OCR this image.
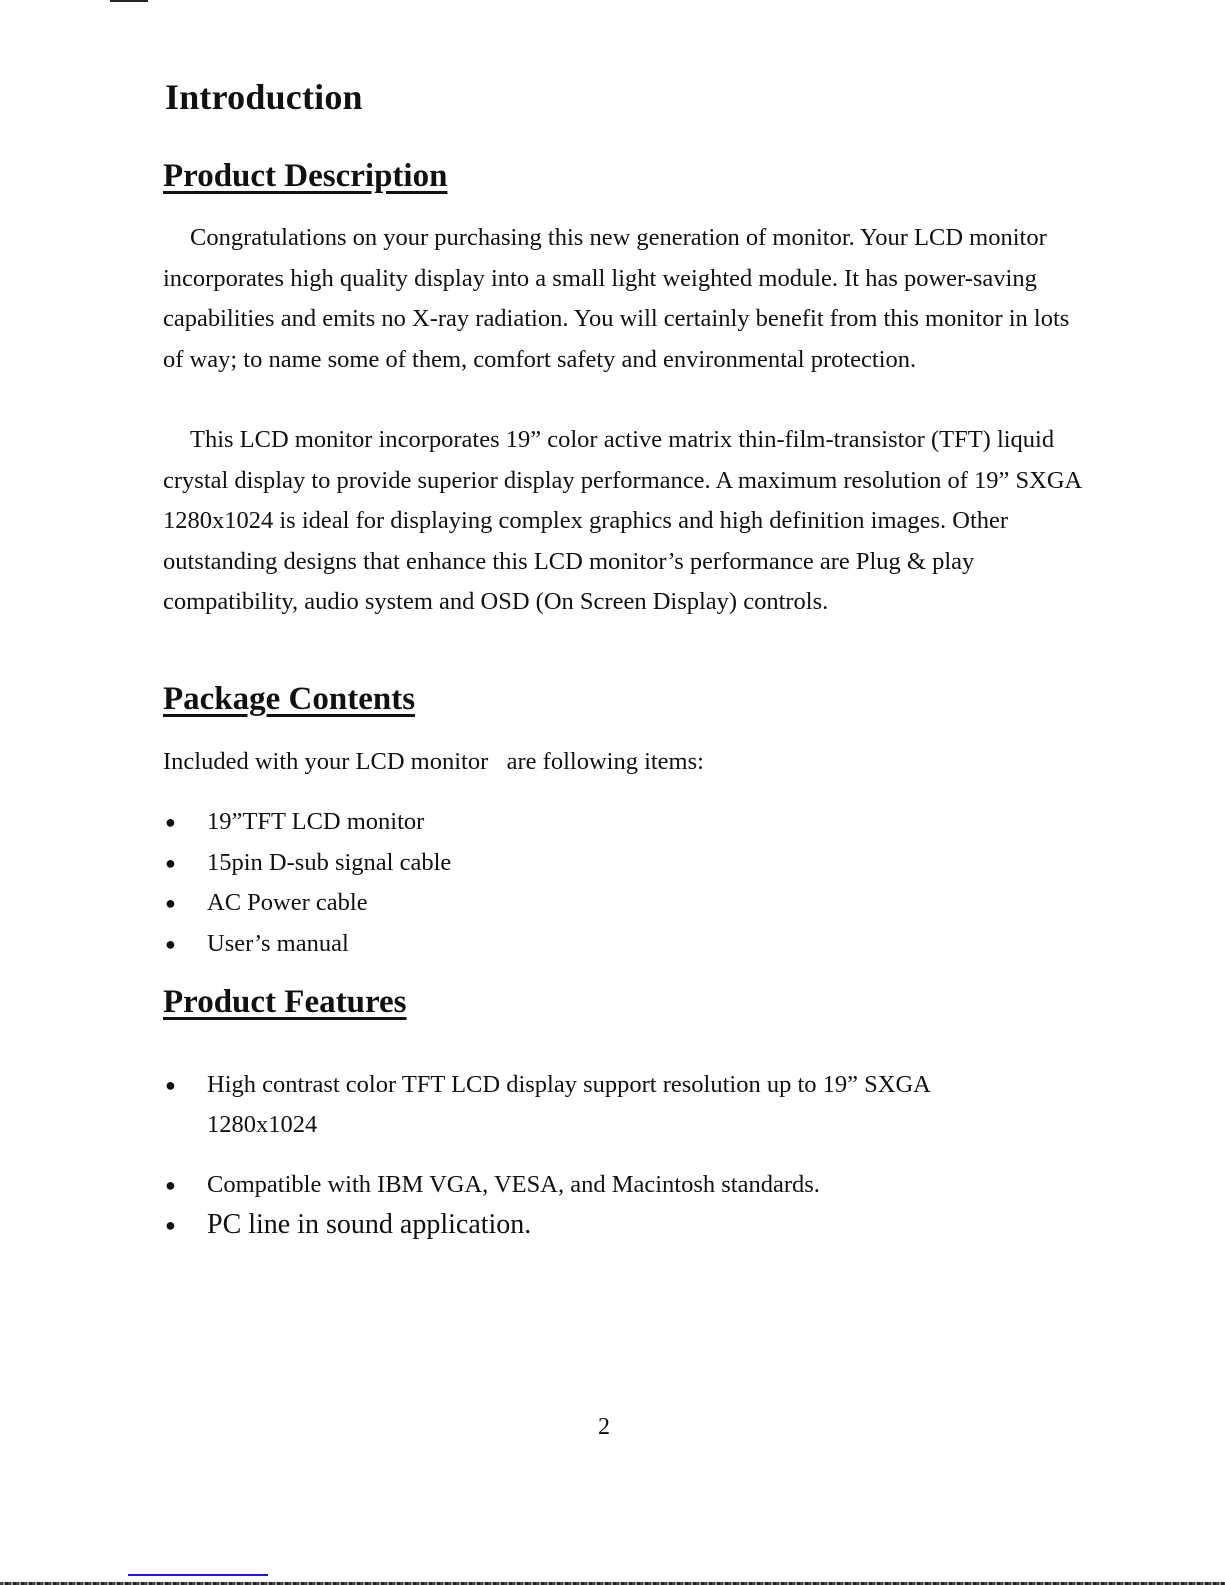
Introduction
Product Description

Congratulations on your purchasing this new generation of monitor. Your LCD monitor incorporates high quality display into a small light weighted module. It has power-saving capabilities and emits no X-ray radiation. You will certainly benefit from this monitor in lots of way; to name some of them, comfort safety and environmental protection.

This LCD monitor incorporates 19” color active matrix thin-film-transistor (TFT) liquid crystal display to provide superior display performance. A maximum resolution of 19” SXGA 1280x1024 is ideal for displaying complex graphics and high definition images. Other outstanding designs that enhance this LCD monitor’s performance are Plug & play compatibility, audio system and OSD (On Screen Display) controls.

Package Contents

Included with your LCD monitor   are following items:

● 19”TFT LCD monitor
● 15pin D-sub signal cable
● AC Power cable
● User’s manual
Product Features
● High contrast color TFT LCD display support resolution up to 19” SXGA 1280x1024
● Compatible with IBM VGA, VESA, and Macintosh standards.
● PC line in sound application.
2
